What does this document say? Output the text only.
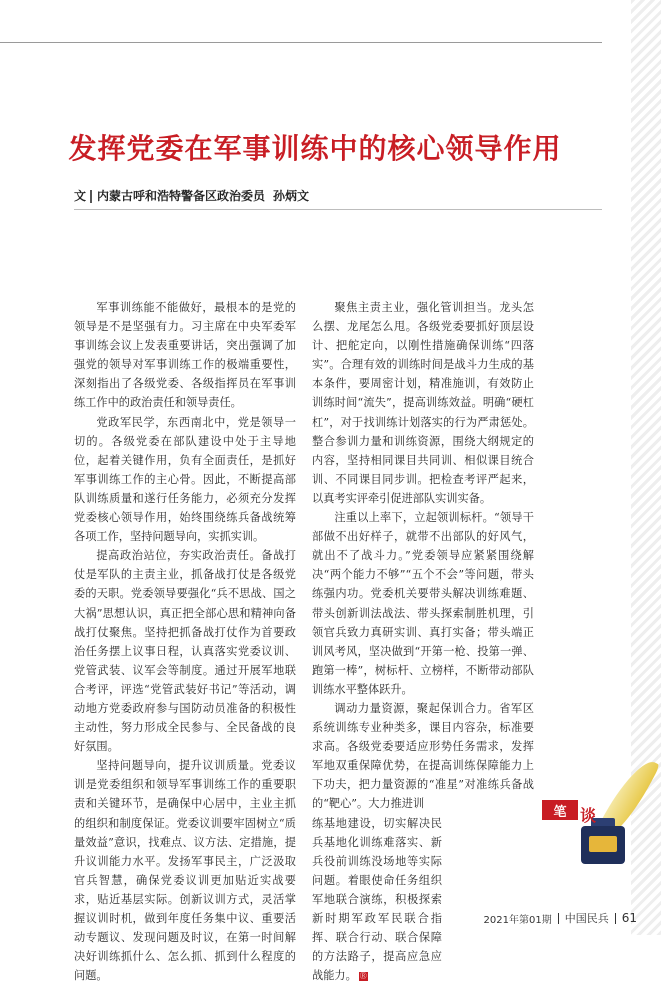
发挥党委在军事训练中的核心领导作用
文 内蒙古呼和浩特警备区政治委员 孙炳文

军事训练能不能做好，最根本的是党的领导是不是坚强有力。习主席在中央军委军事训练会议上发表重要讲话，突出强调了加强党的领导对军事训练工作的极端重要性，深刻指出了各级党委、各级指挥员在军事训练工作中的政治责任和领导责任。

党政军民学，东西南北中，党是领导一切的。各级党委在部队建设中处于主导地位，起着关键作用，负有全面责任，是抓好军事训练工作的主心骨。因此，不断提高部队训练质量和遂行任务能力，必须充分发挥党委核心领导作用，始终围绕练兵备战统筹各项工作，坚持问题导向，实抓实训。

提高政治站位，夯实政治责任。备战打仗是军队的主责主业，抓备战打仗是各级党委的天职。党委领导要强化“兵不思战、国之大祸”思想认识，真正把全部心思和精神向备战打仗聚焦。坚持把抓备战打仗作为首要政治任务摆上议事日程，认真落实党委议训、党管武装、议军会等制度。通过开展军地联合考评，评选“党管武装好书记”等活动，调动地方党委政府参与国防动员准备的积极性主动性，努力形成全民参与、全民备战的良好氛围。

坚持问题导向，提升议训质量。党委议训是党委组织和领导军事训练工作的重要职责和关键环节，是确保中心居中，主业主抓的组织和制度保证。党委议训要牢固树立“质量效益”意识，找难点、议方法、定措施，提升议训能力水平。发扬军事民主，广泛汲取官兵智慧，确保党委议训更加贴近实战要求，贴近基层实际。创新议训方式，灵活掌握议训时机，做到年度任务集中议、重要活动专题议、发现问题及时议，在第一时间解决好训练抓什么、怎么抓、抓到什么程度的问题。

聚焦主责主业，强化管训担当。龙头怎么摆、龙尾怎么甩。各级党委要抓好顶层设计、把舵定向，以刚性措施确保训练“四落实”。合理有效的训练时间是战斗力生成的基本条件，要周密计划，精准施训，有效防止训练时间“流失”，提高训练效益。明确“硬杠杠”，对于找训练计划落实的行为严肃惩处。整合参训力量和训练资源，围绕大纲规定的内容，坚持相同课目共同训、相似课目统合训、不同课目同步训。把检查考评严起来，以真考实评牵引促进部队实训实备。

注重以上率下，立起领训标杆。“领导干部做不出好样子，就带不出部队的好风气，就出不了战斗力。”党委领导应紧紧围绕解决“两个能力不够”“五个不会”等问题，带头练强内功。党委机关要带头解决训练难题、带头创新训法战法、带头探索制胜机理，引领官兵致力真研实训、真打实备；带头端正训风考风，坚决做到“开第一枪、投第一弹、跑第一棒”，树标杆、立榜样，不断带动部队训练水平整体跃升。

调动力量资源，聚起保训合力。省军区系统训练专业种类多，课目内容杂，标准要求高。各级党委要适应形势任务需求，发挥军地双重保障优势，在提高训练保障能力上下功夫，把力量资源的“准星”对准练兵备战的“靶心”。大力推进训

练基地建设，切实解决民兵基地化训练难落实、新兵役前训练没场地等实际问题。着眼使命任务组织军地联合演练，积极探索新时期军政军民联合指挥、联合行动、联合保障的方法路子，提高应急应战能力。 Ⓡ

笔 谈
2021年第01期 中国民兵 61
